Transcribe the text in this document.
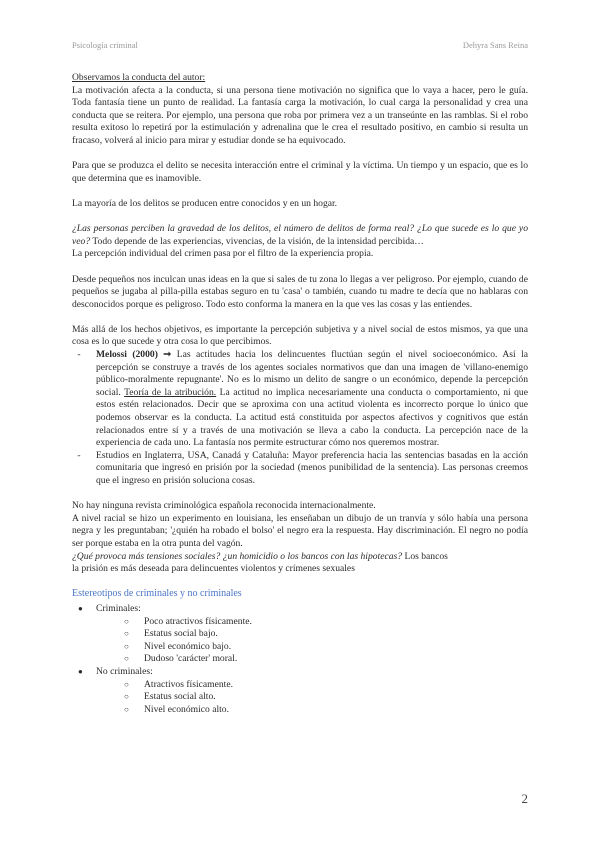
Psicología criminal	Dehyra Sans Reina

Observamos la conducta del autor:

La motivación afecta a la conducta, si una persona tiene motivación no significa que lo vaya a hacer, pero le guía. Toda fantasía tiene un punto de realidad. La fantasía carga la motivación, lo cual carga la personalidad y crea una conducta que se reitera. Por ejemplo, una persona que roba por primera vez a un transeúnte en las ramblas. Si el robo resulta exitoso lo repetirá por la estimulación y adrenalina que le crea el resultado positivo, en cambio si resulta un fracaso, volverá al inicio para mirar y estudiar donde se ha equivocado.

Para que se produzca el delito se necesita interacción entre el criminal y la víctima. Un tiempo y un espacio, que es lo que determina que es inamovible.

La mayoría de los delitos se producen entre conocidos y en un hogar.

¿Las personas perciben la gravedad de los delitos, el número de delitos de forma real? ¿Lo que sucede es lo que yo veo? Todo depende de las experiencias, vivencias, de la visión, de la intensidad percibida…

La percepción individual del crimen pasa por el filtro de la experiencia propia.

Desde pequeños nos inculcan unas ideas en la que si sales de tu zona lo llegas a ver peligroso. Por ejemplo, cuando de pequeños se jugaba al pilla-pilla estabas seguro en tu 'casa' o también, cuando tu madre te decía que no hablaras con desconocidos porque es peligroso. Todo esto conforma la manera en la que ves las cosas y las entiendes.

Más allá de los hechos objetivos, es importante la percepción subjetiva y a nivel social de estos mismos, ya que una cosa es lo que sucede y otra cosa lo que percibimos.

- Melossi (2000) ➞ Las actitudes hacia los delincuentes fluctúan según el nivel socioeconómico. Así la percepción se construye a través de los agentes sociales normativos que dan una imagen de 'villano-enemigo público-moralmente repugnante'. No es lo mismo un delito de sangre o un económico, depende la percepción social. Teoría de la atribución. La actitud no implica necesariamente una conducta o comportamiento, ni que estos estén relacionados. Decir que se aproxima con una actitud violenta es incorrecto porque lo único que podemos observar es la conducta. La actitud está constituida por aspectos afectivos y cognitivos que están relacionados entre sí y a través de una motivación se lleva a cabo la conducta. La percepción nace de la experiencia de cada uno. La fantasía nos permite estructurar cómo nos queremos mostrar.
- Estudios en Inglaterra, USA, Canadá y Cataluña: Mayor preferencia hacia las sentencias basadas en la acción comunitaria que ingresó en prisión por la sociedad (menos punibilidad de la sentencia). Las personas creemos que el ingreso en prisión soluciona cosas.

No hay ninguna revista criminológica española reconocida internacionalmente.

A nivel racial se hizo un experimento en louisiana, les enseñaban un dibujo de un tranvía y sólo había una persona negra y les preguntaban; '¿quién ha robado el bolso' el negro era la respuesta. Hay discriminación. El negro no podía ser porque estaba en la otra punta del vagón.

¿Qué provoca más tensiones sociales? ¿un homicidio o los bancos con las hipotecas? Los bancos

la prisión es más deseada para delincuentes violentos y crímenes sexuales

Estereotipos de criminales y no criminales

● Criminales:
○ Poco atractivos físicamente.
○ Estatus social bajo.
○ Nivel económico bajo.
○ Dudoso 'carácter' moral.
● No criminales:
○ Atractivos físicamente.
○ Estatus social alto.
○ Nivel económico alto.
2
